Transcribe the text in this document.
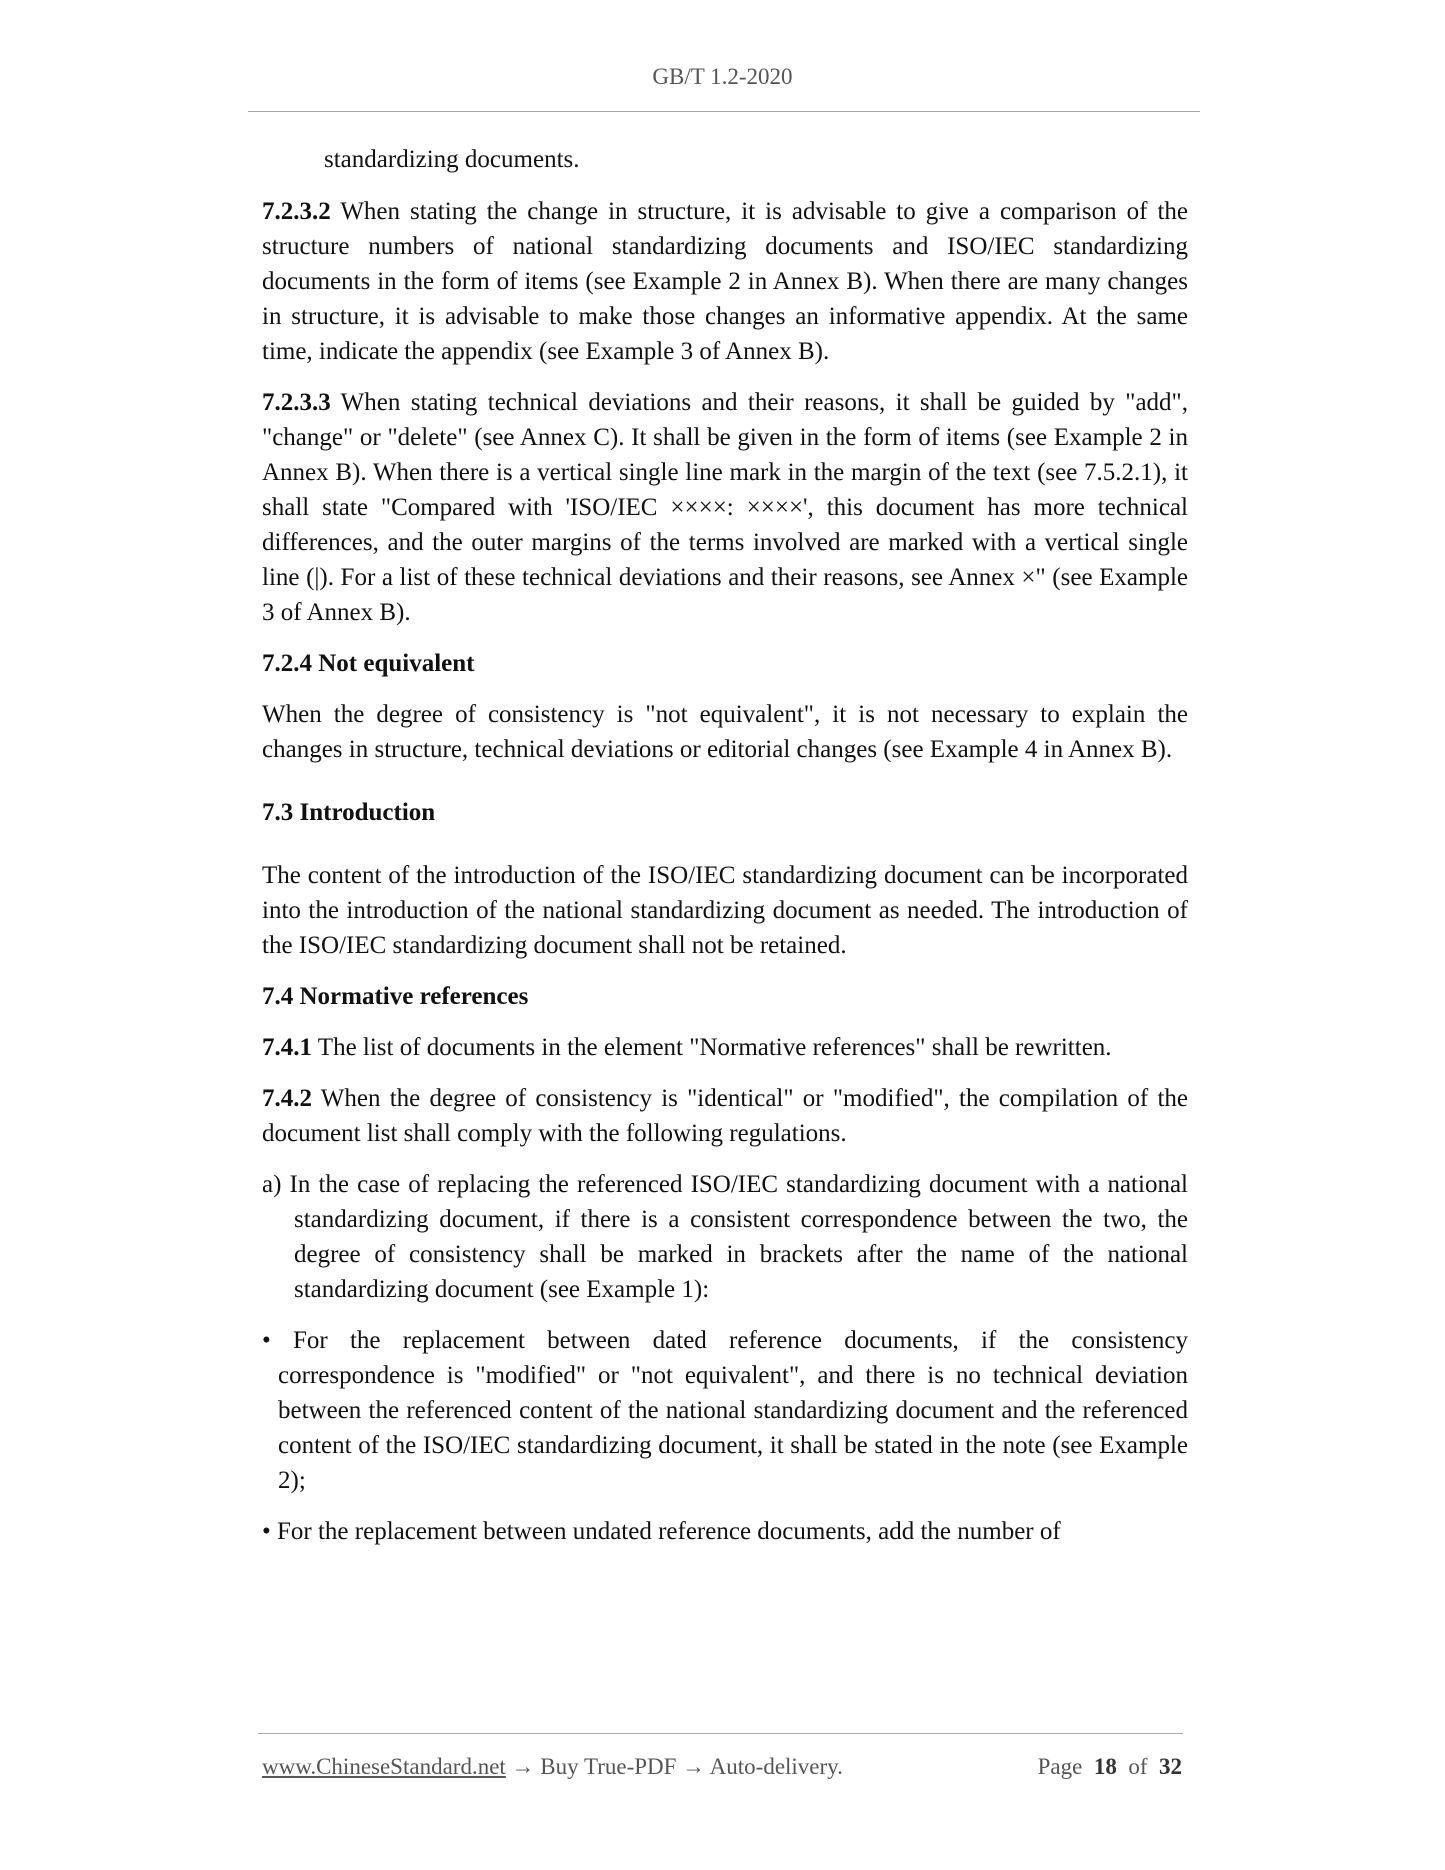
GB/T 1.2-2020

standardizing documents.

7.2.3.2 When stating the change in structure, it is advisable to give a comparison of the structure numbers of national standardizing documents and ISO/IEC standardizing documents in the form of items (see Example 2 in Annex B). When there are many changes in structure, it is advisable to make those changes an informative appendix. At the same time, indicate the appendix (see Example 3 of Annex B).

7.2.3.3 When stating technical deviations and their reasons, it shall be guided by "add", "change" or "delete" (see Annex C). It shall be given in the form of items (see Example 2 in Annex B). When there is a vertical single line mark in the margin of the text (see 7.5.2.1), it shall state "Compared with 'ISO/IEC ××××: ××××', this document has more technical differences, and the outer margins of the terms involved are marked with a vertical single line (|). For a list of these technical deviations and their reasons, see Annex ×" (see Example 3 of Annex B).

7.2.4 Not equivalent

When the degree of consistency is "not equivalent", it is not necessary to explain the changes in structure, technical deviations or editorial changes (see Example 4 in Annex B).

7.3 Introduction

The content of the introduction of the ISO/IEC standardizing document can be incorporated into the introduction of the national standardizing document as needed. The introduction of the ISO/IEC standardizing document shall not be retained.

7.4 Normative references

7.4.1 The list of documents in the element "Normative references" shall be rewritten.

7.4.2 When the degree of consistency is "identical" or "modified", the compilation of the document list shall comply with the following regulations.

a) In the case of replacing the referenced ISO/IEC standardizing document with a national standardizing document, if there is a consistent correspondence between the two, the degree of consistency shall be marked in brackets after the name of the national standardizing document (see Example 1):

• For the replacement between dated reference documents, if the consistency correspondence is "modified" or "not equivalent", and there is no technical deviation between the referenced content of the national standardizing document and the referenced content of the ISO/IEC standardizing document, it shall be stated in the note (see Example 2);

• For the replacement between undated reference documents, add the number of

www.ChineseStandard.net → Buy True-PDF → Auto-delivery.	Page 18 of 32
